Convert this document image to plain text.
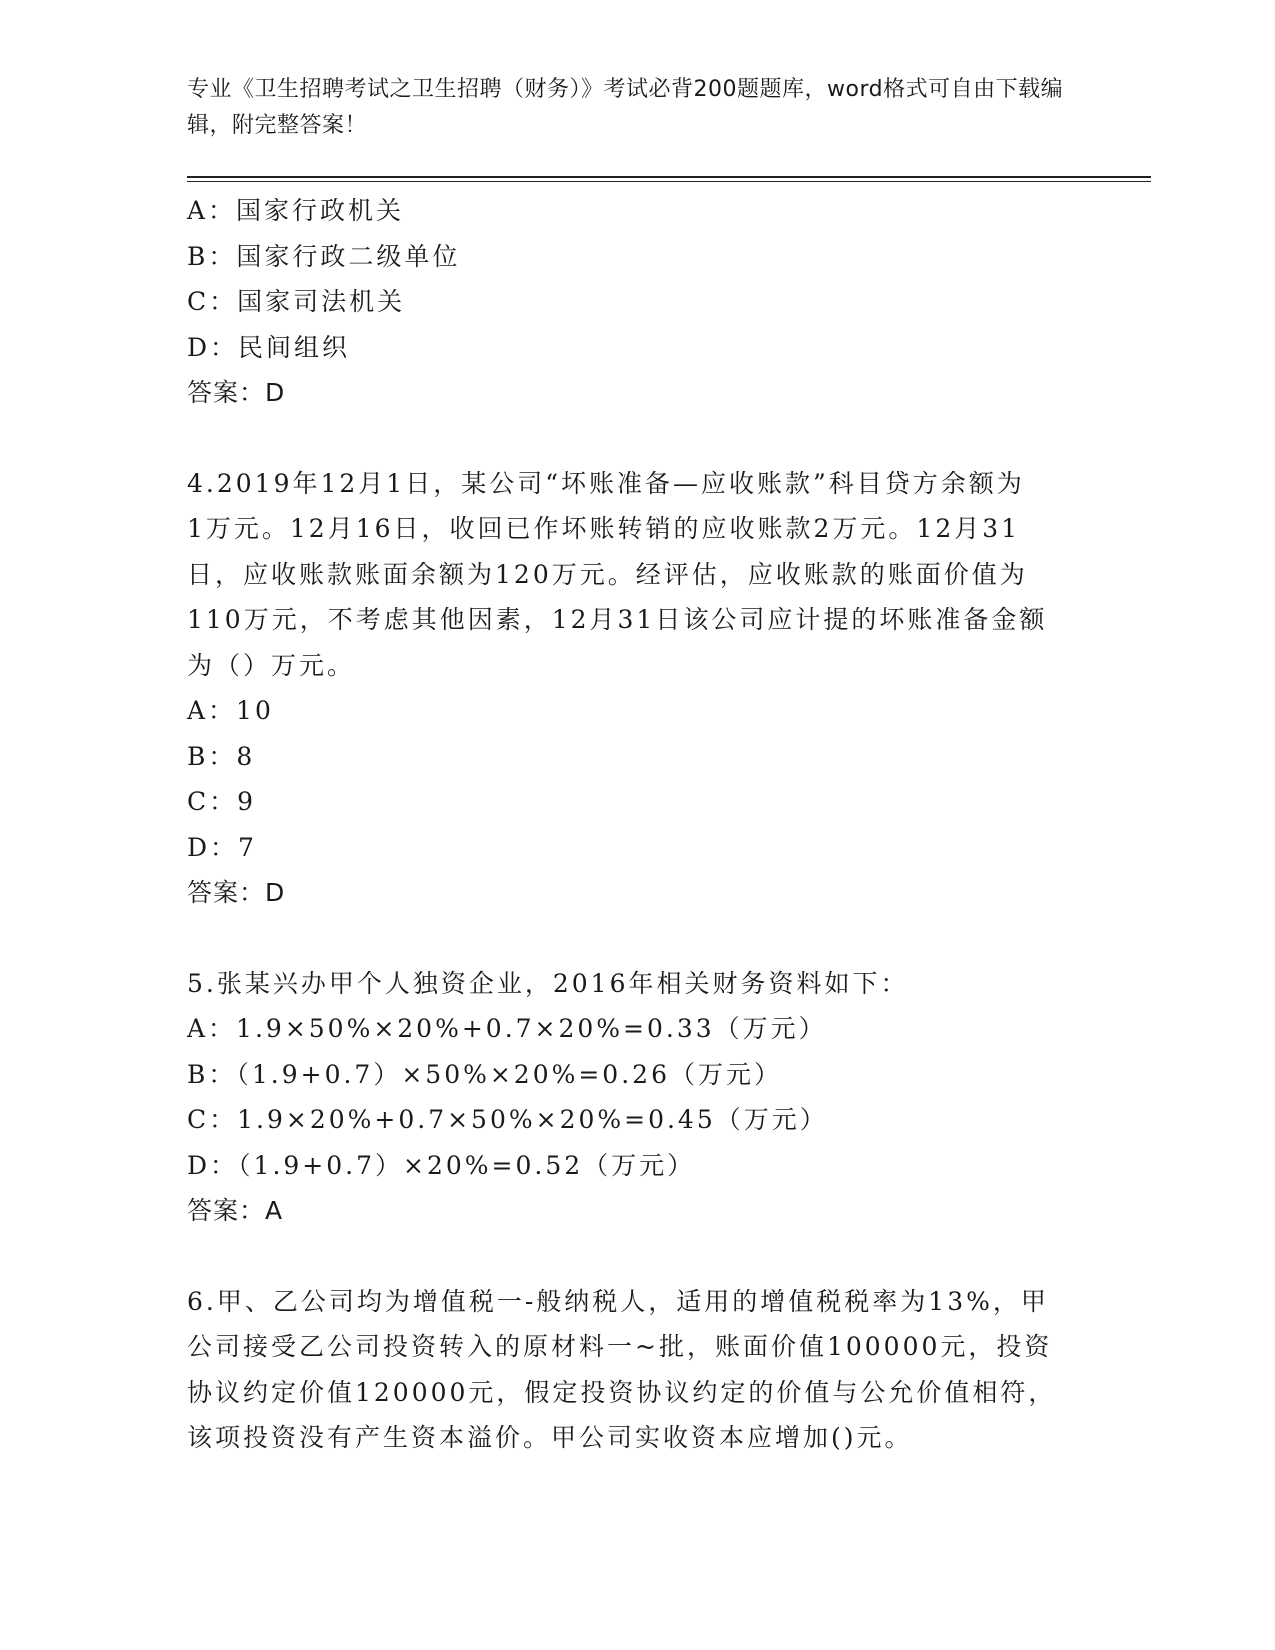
专业《卫生招聘考试之卫生招聘（财务）》考试必背200题题库，word格式可自由下载编辑，附完整答案！
A：国家行政机关
B：国家行政二级单位
C：国家司法机关
D：民间组织
答案：D
4.2019年12月1日，某公司“坏账准备—应收账款”科目贷方余额为
1万元。12月16日，收回已作坏账转销的应收账款2万元。12月31
日，应收账款账面余额为120万元。经评估，应收账款的账面价值为
110万元，不考虑其他因素，12月31日该公司应计提的坏账准备金额
为（）万元。
A：10
B：8
C：9
D：7
答案：D
5.张某兴办甲个人独资企业，2016年相关财务资料如下：
A：1.9×50%×20%+0.7×20%=0.33（万元）
B：（1.9+0.7）×50%×20%=0.26（万元）
C：1.9×20%+0.7×50%×20%=0.45（万元）
D：（1.9+0.7）×20%=0.52（万元）
答案：A
6.甲、乙公司均为增值税一-般纳税人，适用的增值税税率为13%，甲
公司接受乙公司投资转入的原材料一~批，账面价值100000元，投资
协议约定价值120000元，假定投资协议约定的价值与公允价值相符，
该项投资没有产生资本溢价。甲公司实收资本应增加()元。
